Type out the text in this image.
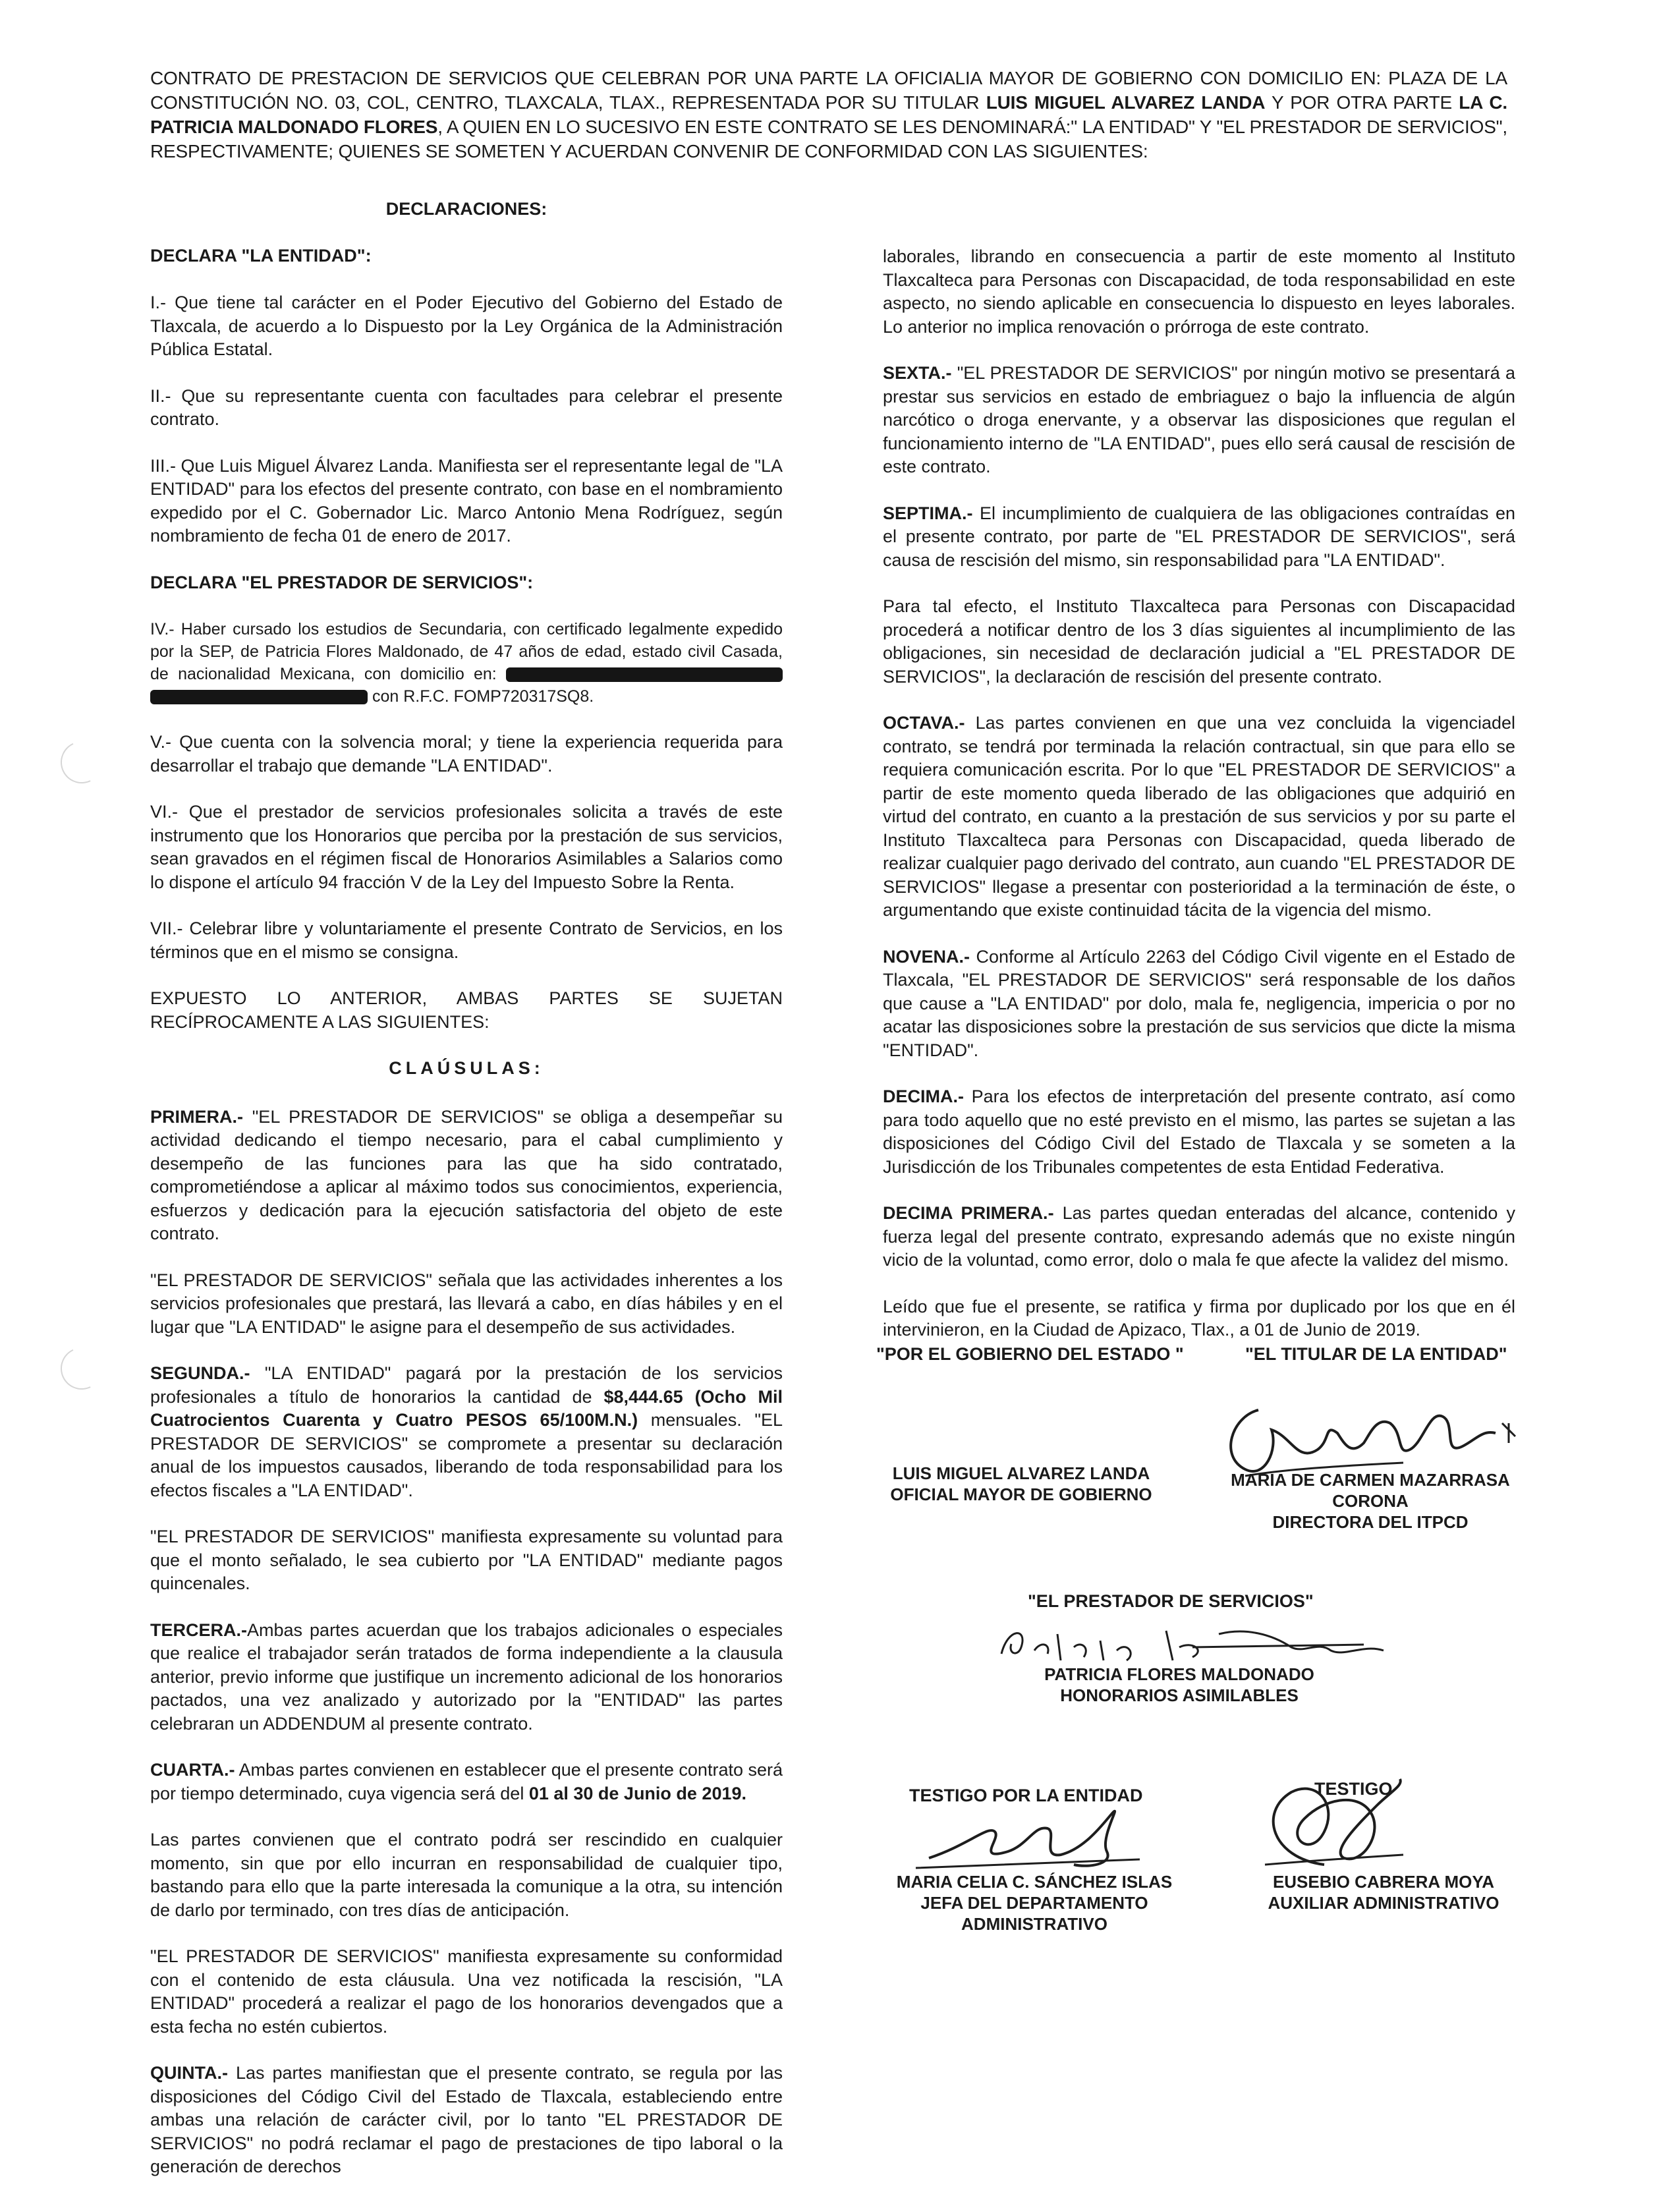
CONTRATO DE PRESTACION DE SERVICIOS QUE CELEBRAN POR UNA PARTE LA OFICIALIA MAYOR DE GOBIERNO CON DOMICILIO EN: PLAZA DE LA CONSTITUCIÓN NO. 03, COL, CENTRO, TLAXCALA, TLAX., REPRESENTADA POR SU TITULAR LUIS MIGUEL ALVAREZ LANDA Y POR OTRA PARTE LA C. PATRICIA MALDONADO FLORES, A QUIEN EN LO SUCESIVO EN ESTE CONTRATO SE LES DENOMINARÁ:" LA ENTIDAD" Y "EL PRESTADOR DE SERVICIOS", RESPECTIVAMENTE; QUIENES SE SOMETEN Y ACUERDAN CONVENIR DE CONFORMIDAD CON LAS SIGUIENTES:

DECLARACIONES:

DECLARA "LA ENTIDAD":

I.- Que tiene tal carácter en el Poder Ejecutivo del Gobierno del Estado de Tlaxcala, de acuerdo a lo Dispuesto por la Ley Orgánica de la Administración Pública Estatal.

II.- Que su representante cuenta con facultades para celebrar el presente contrato.

III.- Que Luis Miguel Álvarez Landa. Manifiesta ser el representante legal de "LA ENTIDAD" para los efectos del presente contrato, con base en el nombramiento expedido por el C. Gobernador Lic. Marco Antonio Mena Rodríguez, según nombramiento de fecha 01 de enero de 2017.

DECLARA "EL PRESTADOR DE SERVICIOS":

IV.- Haber cursado los estudios de Secundaria, con certificado legalmente expedido por la SEP, de Patricia Flores Maldonado, de 47 años de edad, estado civil Casada, de nacionalidad Mexicana, con domicilio en:   con R.F.C. FOMP720317SQ8.

V.- Que cuenta con la solvencia moral; y tiene la experiencia requerida para desarrollar el trabajo que demande "LA ENTIDAD".

VI.- Que el prestador de servicios profesionales solicita a través de este instrumento que los Honorarios que perciba por la prestación de sus servicios, sean gravados en el régimen fiscal de Honorarios Asimilables a Salarios como lo dispone el artículo 94 fracción V de la Ley del Impuesto Sobre la Renta.

VII.- Celebrar libre y voluntariamente el presente Contrato de Servicios, en los términos que en el mismo se consigna.

EXPUESTO LO ANTERIOR, AMBAS PARTES SE SUJETAN RECÍPROCAMENTE A LAS SIGUIENTES:

CLAÚSULAS:

PRIMERA.- "EL PRESTADOR DE SERVICIOS" se obliga a desempeñar su actividad dedicando el tiempo necesario, para el cabal cumplimiento y desempeño de las funciones para las que ha sido contratado, comprometiéndose a aplicar al máximo todos sus conocimientos, experiencia, esfuerzos y dedicación para la ejecución satisfactoria del objeto de este contrato.

"EL PRESTADOR DE SERVICIOS" señala que las actividades inherentes a los servicios profesionales que prestará, las llevará a cabo, en días hábiles y en el lugar que "LA ENTIDAD" le asigne para el desempeño de sus actividades.

SEGUNDA.- "LA ENTIDAD" pagará por la prestación de los servicios profesionales a título de honorarios la cantidad de $8,444.65 (Ocho Mil Cuatrocientos Cuarenta y Cuatro PESOS 65/100M.N.) mensuales. "EL PRESTADOR DE SERVICIOS" se compromete a presentar su declaración anual de los impuestos causados, liberando de toda responsabilidad para los efectos fiscales a "LA ENTIDAD".

"EL PRESTADOR DE SERVICIOS" manifiesta expresamente su voluntad para que el monto señalado, le sea cubierto por "LA ENTIDAD" mediante pagos quincenales.

TERCERA.-Ambas partes acuerdan que los trabajos adicionales o especiales que realice el trabajador serán tratados de forma independiente a la clausula anterior, previo informe que justifique un incremento adicional de los honorarios pactados, una vez analizado y autorizado por la "ENTIDAD" las partes celebraran un ADDENDUM al presente contrato.

CUARTA.- Ambas partes convienen en establecer que el presente contrato será por tiempo determinado, cuya vigencia será del 01 al 30 de Junio de 2019.

Las partes convienen que el contrato podrá ser rescindido en cualquier momento, sin que por ello incurran en responsabilidad de cualquier tipo, bastando para ello que la parte interesada la comunique a la otra, su intención de darlo por terminado, con tres días de anticipación.

"EL PRESTADOR DE SERVICIOS" manifiesta expresamente su conformidad con el contenido de esta cláusula. Una vez notificada la rescisión, "LA ENTIDAD" procederá a realizar el pago de los honorarios devengados que a esta fecha no estén cubiertos.

QUINTA.- Las partes manifiestan que el presente contrato, se regula por las disposiciones del Código Civil del Estado de Tlaxcala, estableciendo entre ambas una relación de carácter civil, por lo tanto "EL PRESTADOR DE SERVICIOS" no podrá reclamar el pago de prestaciones de tipo laboral o la generación de derechos

laborales, librando en consecuencia a partir de este momento al Instituto Tlaxcalteca para Personas con Discapacidad, de toda responsabilidad en este aspecto, no siendo aplicable en consecuencia lo dispuesto en leyes laborales. Lo anterior no implica renovación o prórroga de este contrato.

SEXTA.- "EL PRESTADOR DE SERVICIOS" por ningún motivo se presentará a prestar sus servicios en estado de embriaguez o bajo la influencia de algún narcótico o droga enervante, y a observar las disposiciones que regulan el funcionamiento interno de "LA ENTIDAD", pues ello será causal de rescisión de este contrato.

SEPTIMA.- El incumplimiento de cualquiera de las obligaciones contraídas en el presente contrato, por parte de "EL PRESTADOR DE SERVICIOS", será causa de rescisión del mismo, sin responsabilidad para "LA ENTIDAD".

Para tal efecto, el Instituto Tlaxcalteca para Personas con Discapacidad procederá a notificar dentro de los 3 días siguientes al incumplimiento de las obligaciones, sin necesidad de declaración judicial a "EL PRESTADOR DE SERVICIOS", la declaración de rescisión del presente contrato.

OCTAVA.- Las partes convienen en que una vez concluida la vigenciadel contrato, se tendrá por terminada la relación contractual, sin que para ello se requiera comunicación escrita. Por lo que "EL PRESTADOR DE SERVICIOS" a partir de este momento queda liberado de las obligaciones que adquirió en virtud del contrato, en cuanto a la prestación de sus servicios y por su parte el Instituto Tlaxcalteca para Personas con Discapacidad, queda liberado de realizar cualquier pago derivado del contrato, aun cuando "EL PRESTADOR DE SERVICIOS" llegase a presentar con posterioridad a la terminación de éste, o argumentando que existe continuidad tácita de la vigencia del mismo.

NOVENA.- Conforme al Artículo 2263 del Código Civil vigente en el Estado de Tlaxcala, "EL PRESTADOR DE SERVICIOS" será responsable de los daños que cause a "LA ENTIDAD" por dolo, mala fe, negligencia, impericia o por no acatar las disposiciones sobre la prestación de sus servicios que dicte la misma "ENTIDAD".

DECIMA.- Para los efectos de interpretación del presente contrato, así como para todo aquello que no esté previsto en el mismo, las partes se sujetan a las disposiciones del Código Civil del Estado de Tlaxcala y se someten a la Jurisdicción de los Tribunales competentes de esta Entidad Federativa.

DECIMA PRIMERA.- Las partes quedan enteradas del alcance, contenido y fuerza legal del presente contrato, expresando además que no existe ningún vicio de la voluntad, como error, dolo o mala fe que afecte la validez del mismo.

Leído que fue el presente, se ratifica y firma por duplicado por los que en él intervinieron, en la Ciudad de Apizaco, Tlax., a 01 de Junio de 2019.

"POR EL GOBIERNO DEL ESTADO "	"EL TITULAR DE LA ENTIDAD"
LUIS MIGUEL ALVAREZ LANDA
OFICIAL MAYOR DE GOBIERNO
MARIA DE CARMEN MAZARRASA
CORONA
DIRECTORA DEL ITPCD
"EL PRESTADOR DE SERVICIOS"
PATRICIA FLORES MALDONADO
HONORARIOS ASIMILABLES
TESTIGO POR LA ENTIDAD	TESTIGO
MARIA CELIA C. SÁNCHEZ ISLAS
JEFA DEL DEPARTAMENTO
ADMINISTRATIVO
EUSEBIO CABRERA MOYA
AUXILIAR ADMINISTRATIVO
